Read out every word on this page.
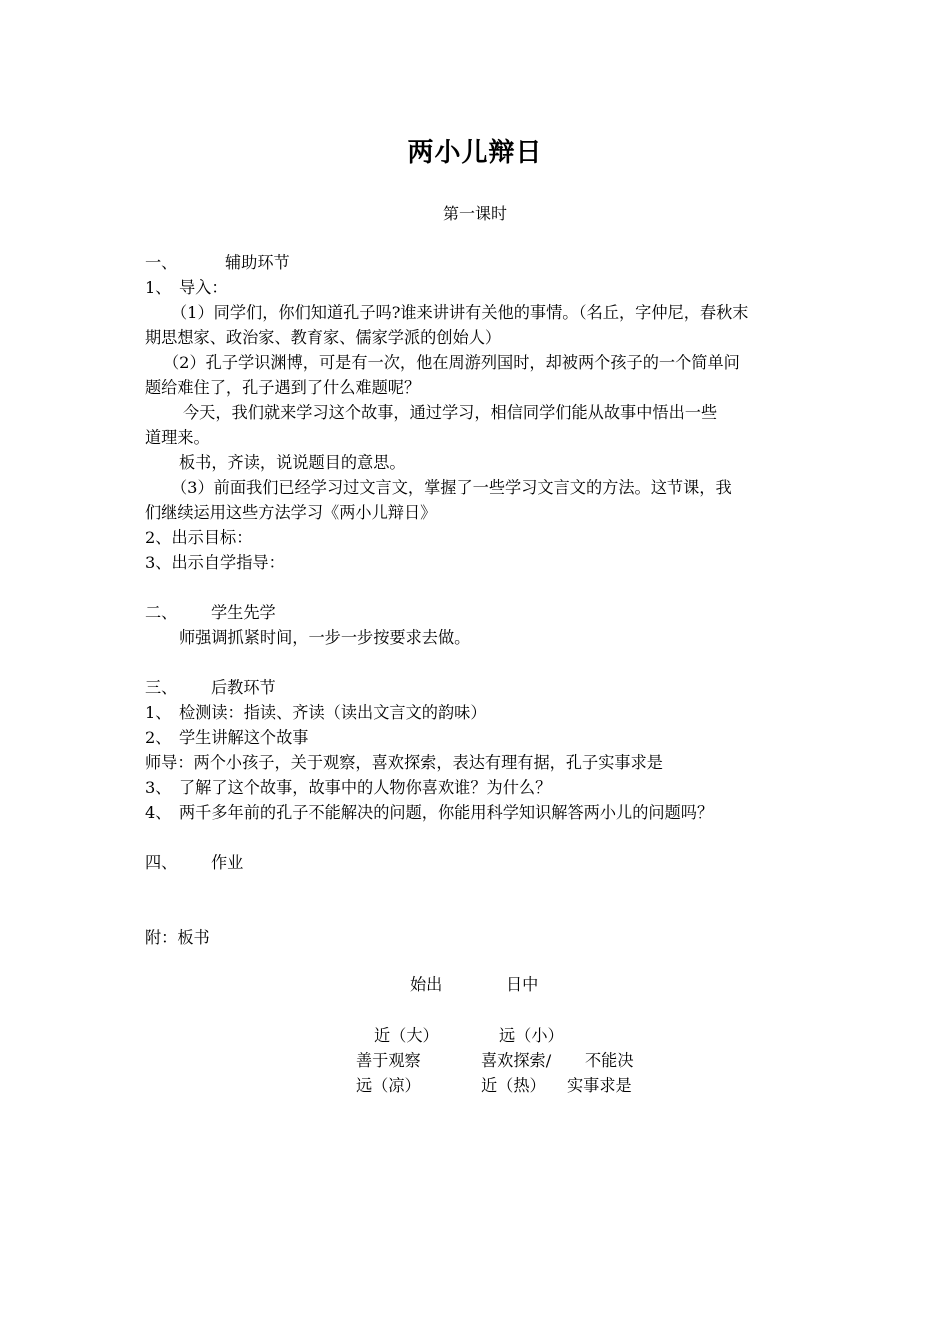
两小儿辩日
第一课时

一、	辅助环节

1、 导入：

（1）同学们，你们知道孔子吗?谁来讲讲有关他的事情。（名丘，字仲尼，春秋末

期思想家、政治家、教育家、儒家学派的创始人）

（2）孔子学识渊博，可是有一次，他在周游列国时，却被两个孩子的一个简单问

题给难住了，孔子遇到了什么难题呢？

今天，我们就来学习这个故事，通过学习，相信同学们能从故事中悟出一些

道理来。

板书，齐读，说说题目的意思。

（3）前面我们已经学习过文言文，掌握了一些学习文言文的方法。这节课，我

们继续运用这些方法学习《两小儿辩日》

2、出示目标：

3、出示自学指导：

二、 学生先学

师强调抓紧时间，一步一步按要求去做。

三、 后教环节

1、 检测读：指读、齐读（读出文言文的韵味）

2、 学生讲解这个故事

师导：两个小孩子，关于观察，喜欢探索，表达有理有据，孔子实事求是

3、 了解了这个故事，故事中的人物你喜欢谁？为什么？

4、 两千多年前的孔子不能解决的问题，你能用科学知识解答两小儿的问题吗？

四、 作业

附：板书

始出	日中
近（大）	远（小）
善于观察	喜欢探索/ 不能决
远（凉）	近（热） 实事求是
